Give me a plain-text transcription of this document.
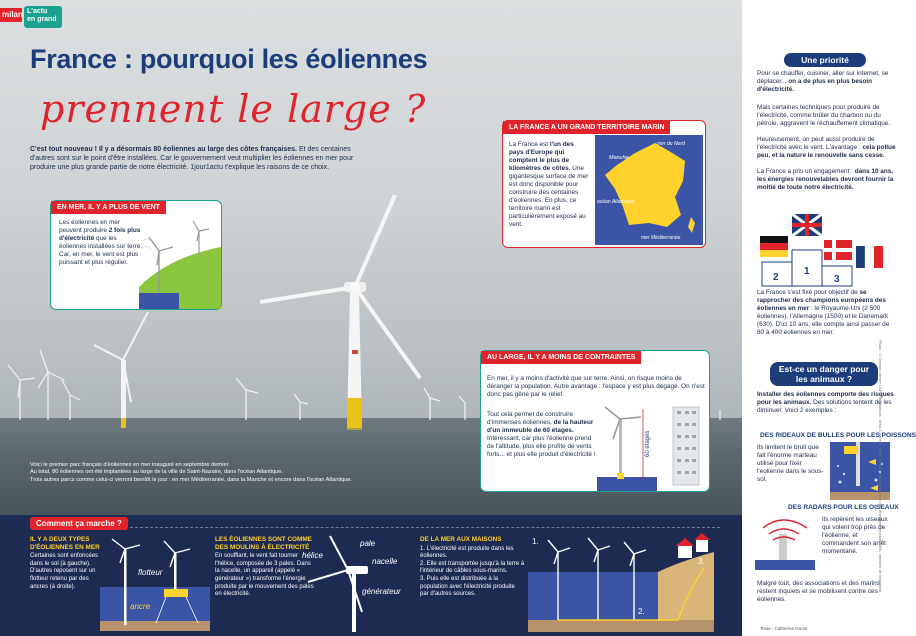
milan L'actu
en grand
France : pourquoi les éoliennes
prennent le large ?

C'est tout nouveau ! Il y a désormais 80 éoliennes au large des côtes françaises. Et des centaines d'autres sont sur le point d'être installées. Car le gouvernement veut multiplier les éoliennes en mer pour produire une plus grande partie de notre électricité. 1jour1actu t'explique les raisons de ce choix.

EN MER, IL Y A PLUS DE VENT

Les éoliennes en mer peuvent produire 2 fois plus d'électricité que les éoliennes installées sur terre. Car, en mer, le vent est plus puissant et plus régulier.

LA FRANCE A UN GRAND TERRITOIRE MARIN

La France est l'un des pays d'Europe qui comptent le plus de kilomètres de côtes. Une gigantesque surface de mer est donc disponible pour construire des centaines d'éoliennes. En plus, ce territoire marin est particulièrement exposé au vent.

Manche
mer du Nord
océan Atlantique
mer Méditerranée
AU LARGE, IL Y A MOINS DE CONTRAINTES

En mer, il y a moins d'activité que sur terre. Ainsi, on risque moins de déranger la population. Autre avantage : l'espace y est plus dégagé. On n'est donc pas gêné par le relief.

Tout cela permet de construire d'immenses éoliennes, de la hauteur d'un immeuble de 60 étages. Intéressant, car plus l'éolienne prend de l'altitude, plus elle profite de vents forts... et plus elle produit d'électricité !	60 étages
Voici le premier parc français d'éoliennes en mer inauguré en septembre dernier.
Au total, 80 éoliennes ont été implantées au large de la ville de Saint-Nazaire, dans l'océan Atlantique.
Trois autres parcs comme celui-ci verront bientôt le jour : en mer Méditerranée, dans la Manche et encore dans l'océan Atlantique.
Comment ça marche ?
IL Y A DEUX TYPES D'ÉOLIENNES EN MER

Certaines sont enfoncées dans le sol (à gauche). D'autres reposent sur un flotteur retenu par des ancres (à droite).

flotteur
ancre
LES ÉOLIENNES SONT COMME DES MOULINS À ÉLECTRICITÉ

En soufflant, le vent fait tourner l'hélice, composée de 3 pales. Dans la nacelle, un appareil (appelé « générateur ») transforme l'énergie produite par le mouvement des pales en électricité.

pale
hélice
nacelle
générateur
DE LA MER AUX MAISONS

1. L'électricité est produite dans les éoliennes.

2. Elle est transportée jusqu'à la terre à l'intérieur de câbles sous-marins.

3. Puis elle est distribuée à la population avec l'électricité produite par d'autres sources.

1.
2.
3.
Une priorité

Pour se chauffer, cuisiner, aller sur internet, se déplacer... on a de plus en plus besoin d'électricité.

Mais certaines techniques pour produire de l'électricité, comme brûler du charbon ou du pétrole, aggravent le réchauffement climatique.

Heureusement, on peut aussi produire de l'électricité avec le vent. L'avantage : cela pollue peu, et la nature le renouvelle sans cesse.

La France a pris un engagement : dans 10 ans, les énergies renouvelables devront fournir la moitié de toute notre électricité.

1
2	3

La France s'est fixé pour objectif de se rapprocher des champions européens des éoliennes en mer : le Royaume-Uni (2 500 éoliennes), l'Allemagne (1500) et le Danemark (630). D'ici 10 ans, elle compte ainsi passer de 80 à 400 éoliennes en mer.

Est-ce un danger pour
les animaux ?

Installer des éoliennes comporte des risques pour les animaux. Des solutions tentent de les diminuer. Voici 2 exemples :

DES RIDEAUX DE BULLES POUR LES POISSONS

Ils limitent le bruit que fait l'énorme marteau utilisé pour fixer l'éolienne dans le sous-sol.

DES RADARS POUR LES OISEAUX

Ils repèrent les oiseaux qui volent trop près de l'éolienne, et commandent son arrêt momentané.

Malgré tout, des associations et des marins restent inquiets et se mobilisent contre ces éoliennes.

Photo : © Damien Meyer / AFP. Illustrations : Marc Cotterau. Merci à Paul Neau, spécialiste des énergies renouvelables, membre de négaWatt.
Texte : Catherine Gucet
